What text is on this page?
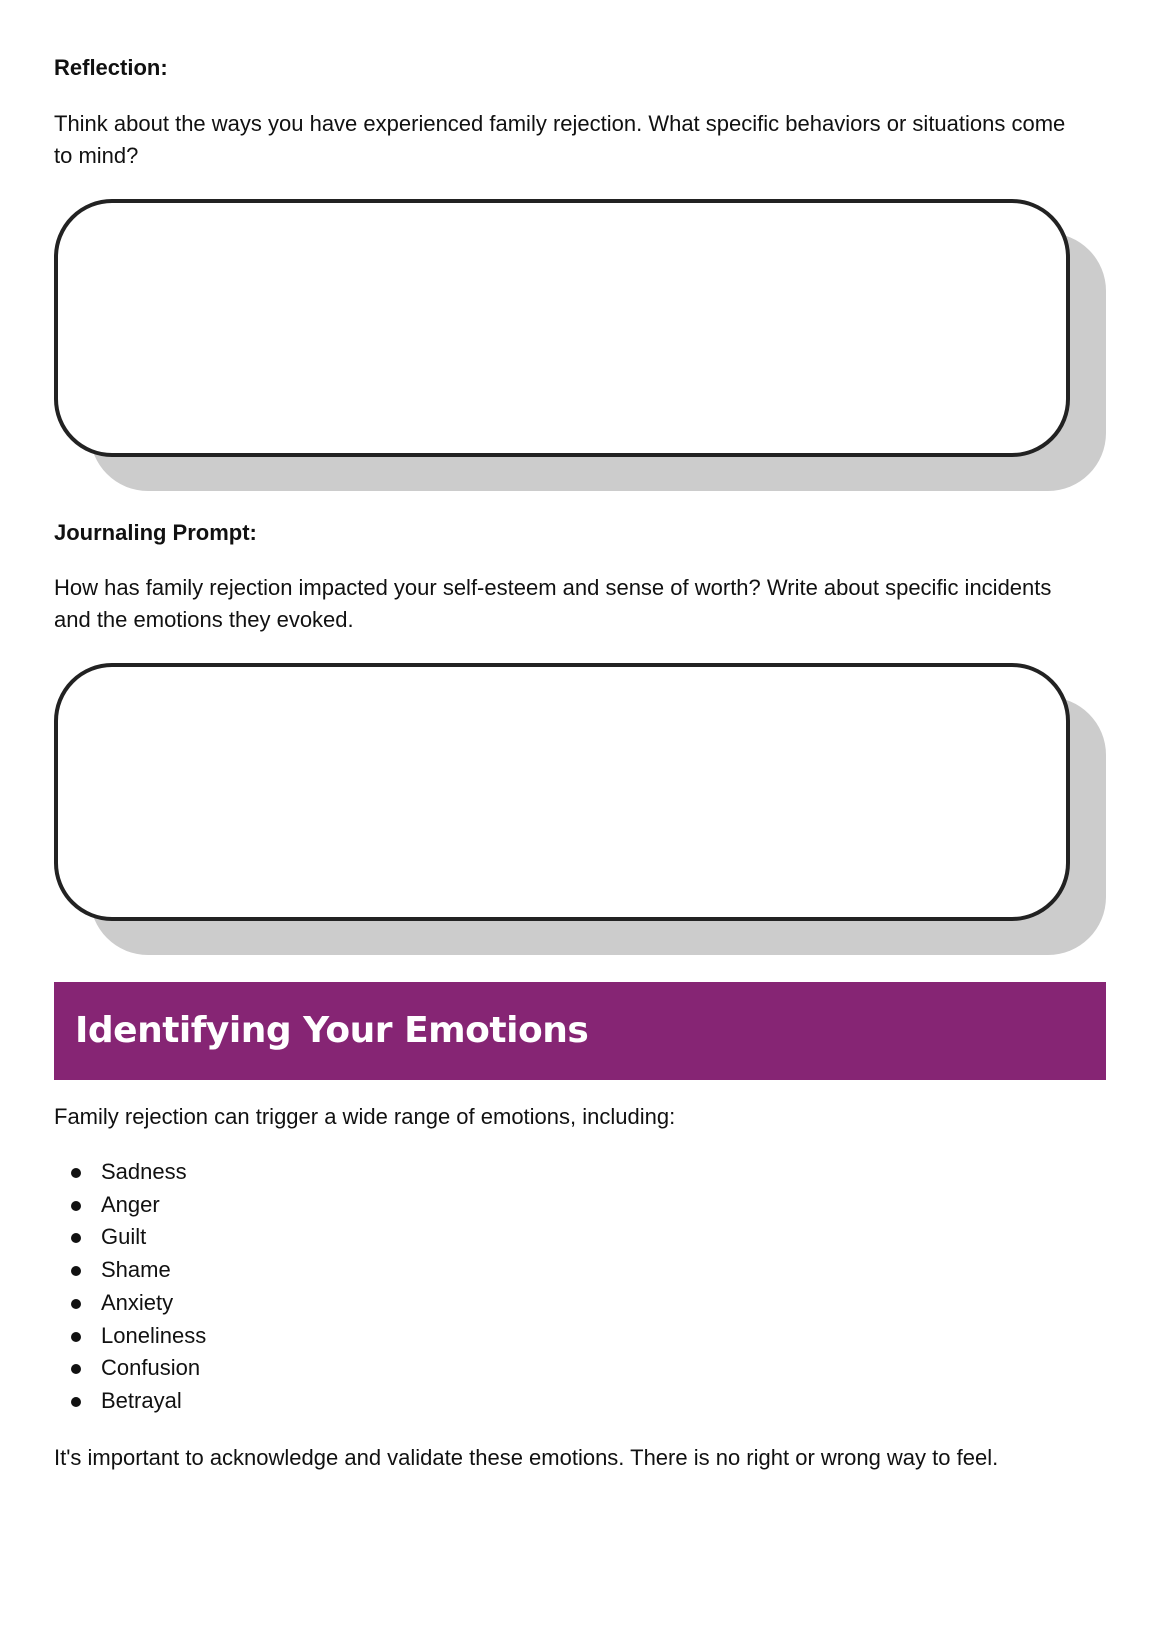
Reflection:

Think about the ways you have experienced family rejection. What specific behaviors or situations come to mind?

Journaling Prompt:

How has family rejection impacted your self-esteem and sense of worth? Write about specific incidents and the emotions they evoked.

Identifying Your Emotions

Family rejection can trigger a wide range of emotions, including:

Sadness
Anger
Guilt
Shame
Anxiety
Loneliness
Confusion
Betrayal

It's important to acknowledge and validate these emotions. There is no right or wrong way to feel.
